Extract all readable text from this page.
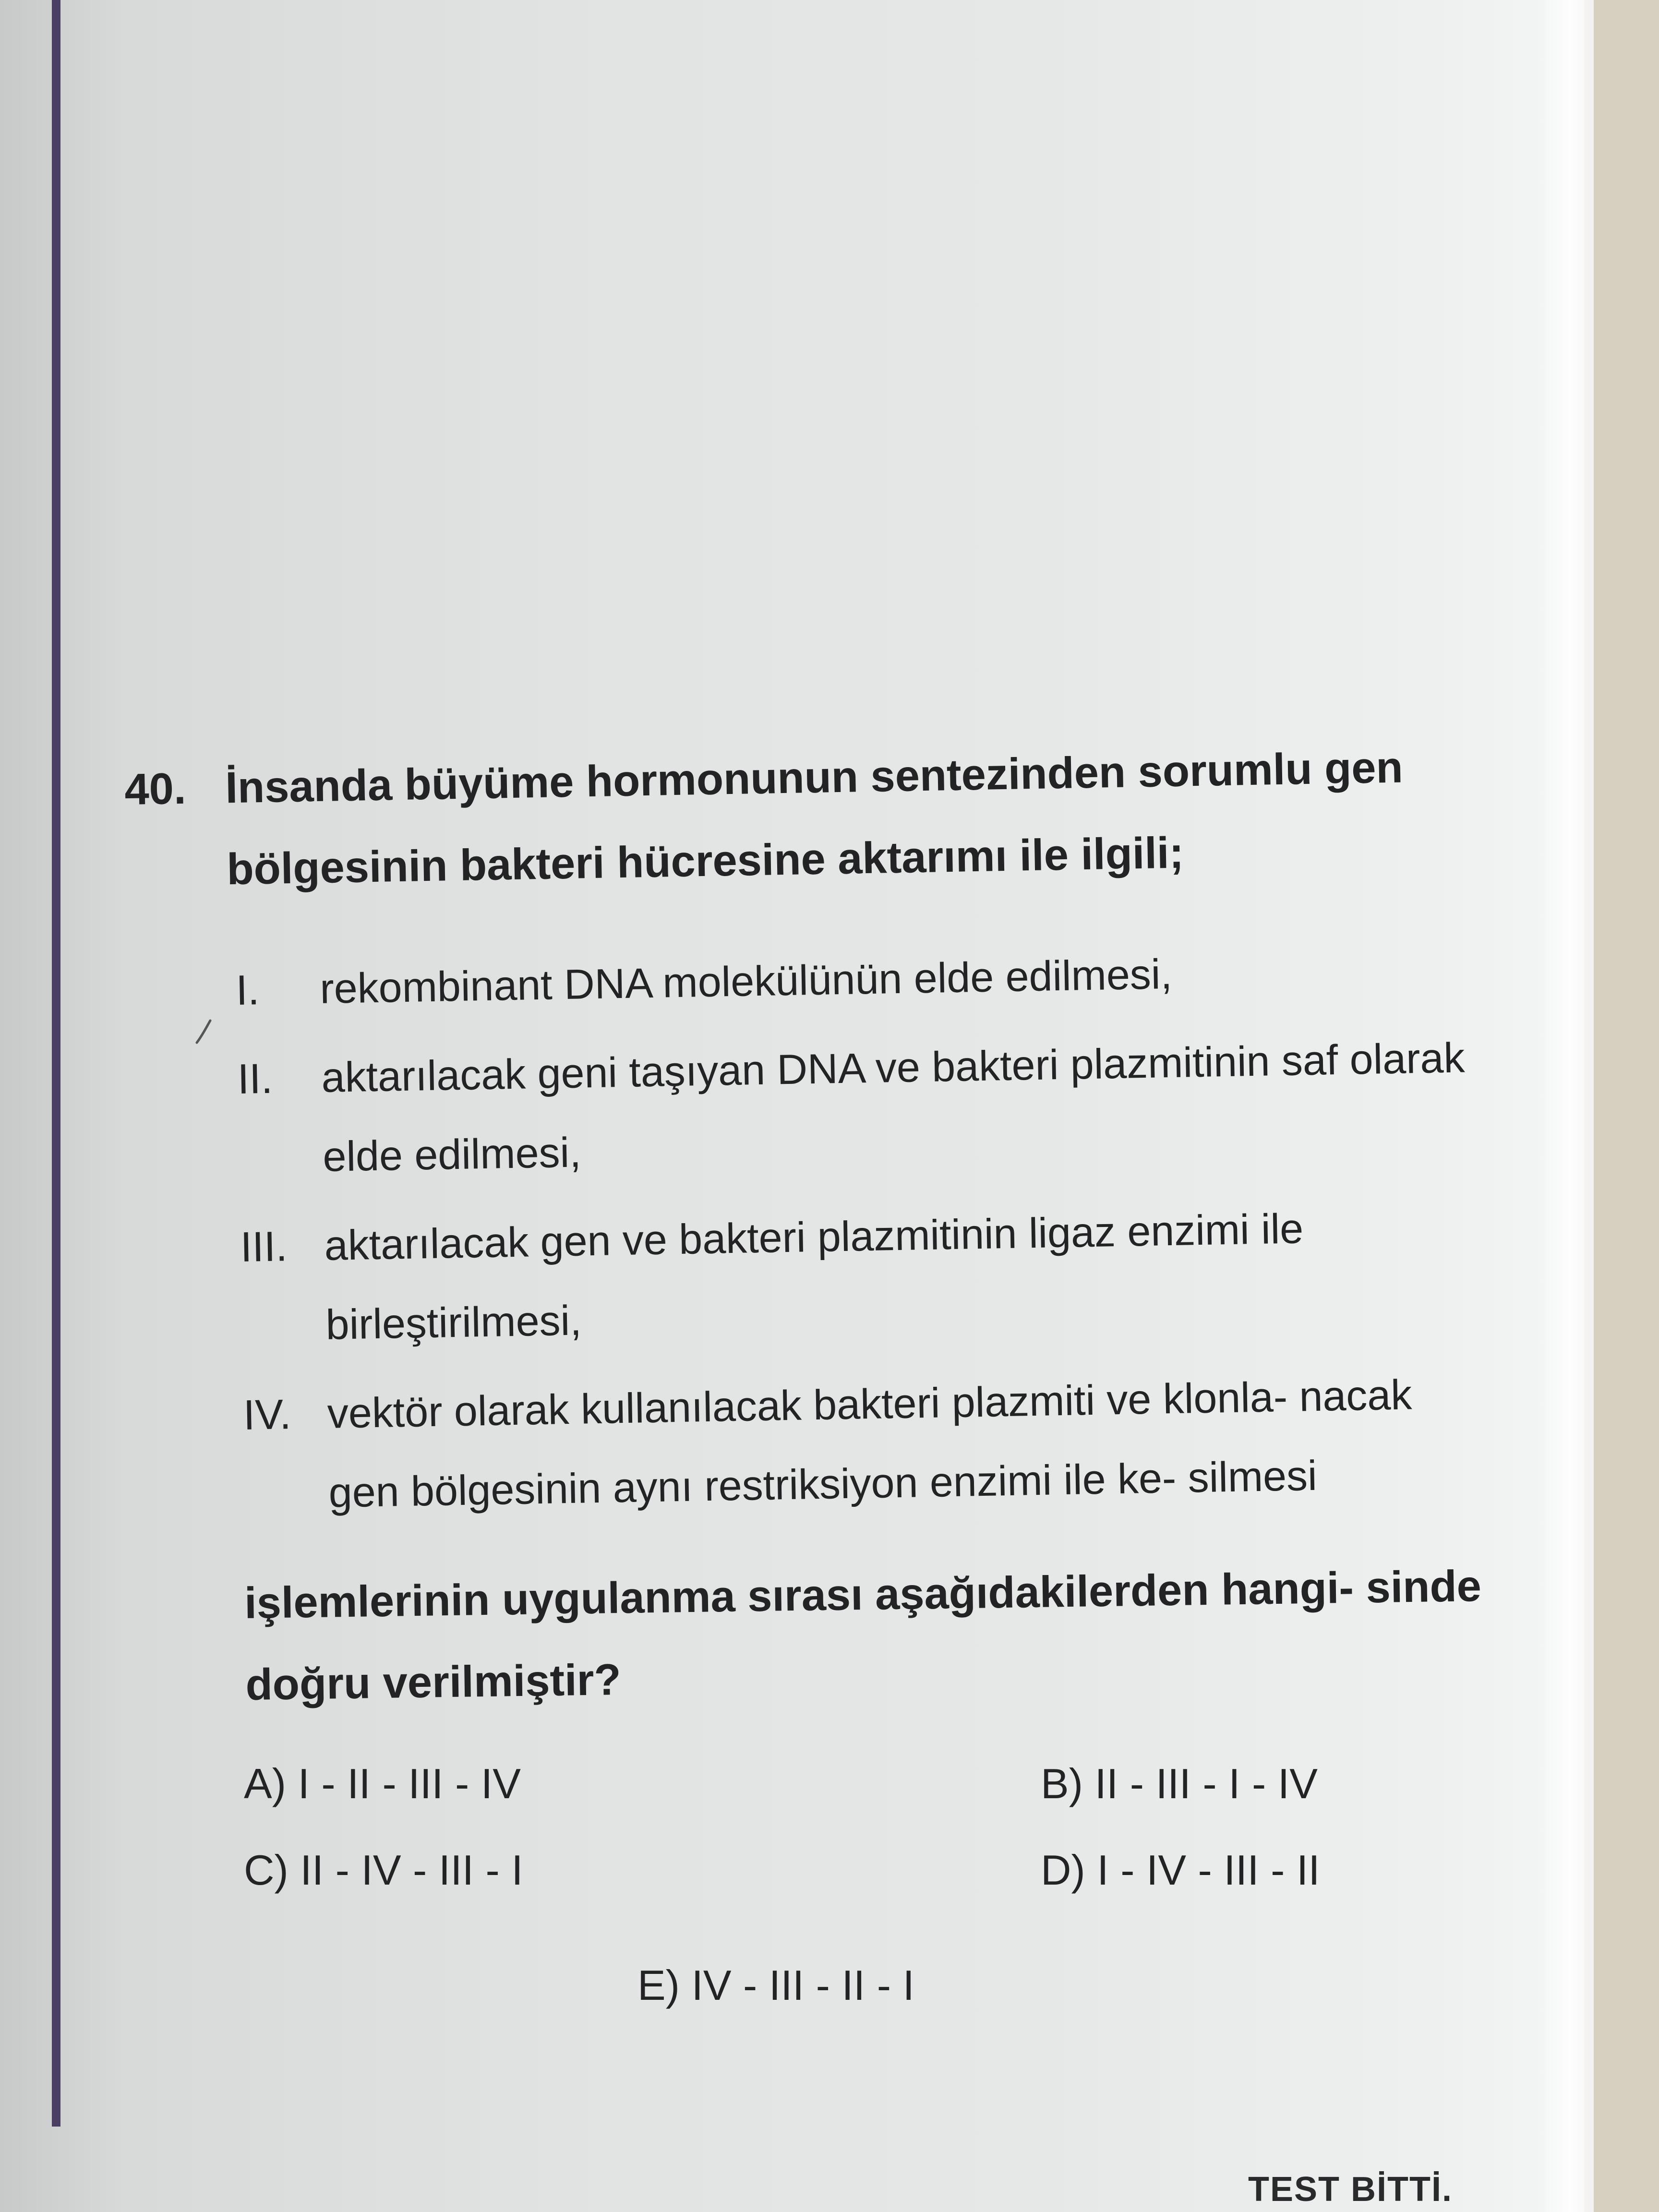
40. İnsanda büyüme hormonunun sentezinden sorumlu gen bölgesinin bakteri hücresine aktarımı ile ilgili;
I.	rekombinant DNA molekülünün elde edilmesi,
II.	aktarılacak geni taşıyan DNA ve bakteri plazmitinin saf olarak elde edilmesi,
III. aktarılacak gen ve bakteri plazmitinin ligaz enzimi ile birleştirilmesi,
IV. vektör olarak kullanılacak bakteri plazmiti ve klonla- nacak gen bölgesinin aynı restriksiyon enzimi ile ke- silmesi
işlemlerinin uygulanma sırası aşağıdakilerden hangi- sinde doğru verilmiştir?
A) I - II - III - IV	B) II - III - I - IV
C) II - IV - III - I	D) I - IV - III - II
E) IV - III - II - I
TEST BİTTİ.
